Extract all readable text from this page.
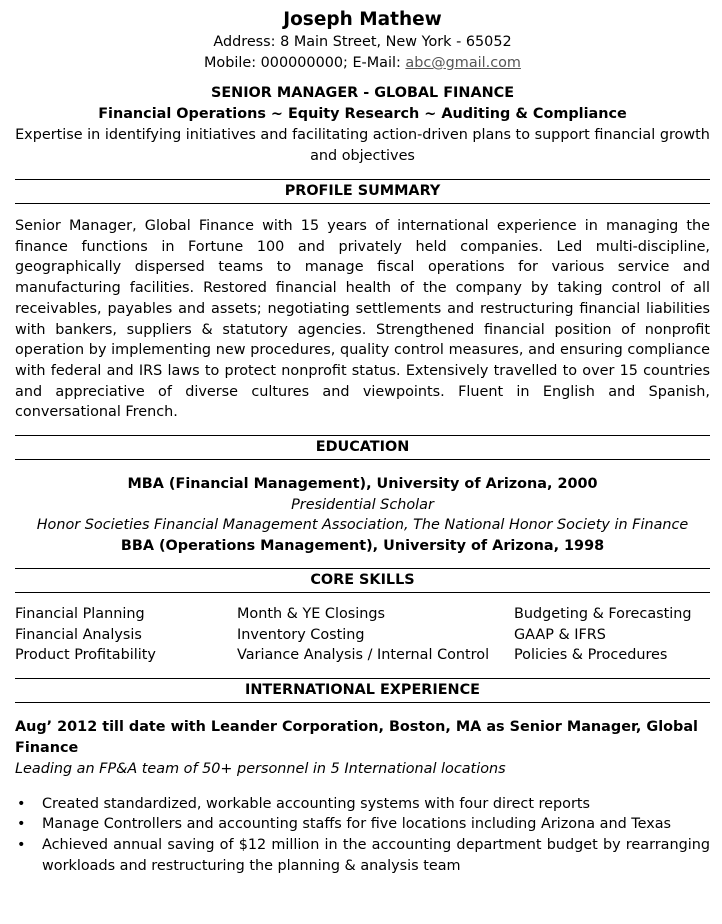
Joseph Mathew
Address: 8 Main Street, New York - 65052
Mobile: 000000000; E-Mail: abc@gmail.com
SENIOR MANAGER - GLOBAL FINANCE
Financial Operations ~ Equity Research ~ Auditing & Compliance
Expertise in identifying initiatives and facilitating action-driven plans to support financial growth and objectives
PROFILE SUMMARY
Senior Manager, Global Finance with 15 years of international experience in managing the finance functions in Fortune 100 and privately held companies. Led multi-discipline, geographically dispersed teams to manage fiscal operations for various service and manufacturing facilities. Restored financial health of the company by taking control of all receivables, payables and assets; negotiating settlements and restructuring financial liabilities with bankers, suppliers & statutory agencies. Strengthened financial position of nonprofit operation by implementing new procedures, quality control measures, and ensuring compliance with federal and IRS laws to protect nonprofit status. Extensively travelled to over 15 countries and appreciative of diverse cultures and viewpoints. Fluent in English and Spanish, conversational French.
EDUCATION
MBA (Financial Management), University of Arizona, 2000
Presidential Scholar
Honor Societies Financial Management Association, The National Honor Society in Finance
BBA (Operations Management), University of Arizona, 1998
CORE SKILLS
Financial Planning	Month & YE Closings	Budgeting & Forecasting
Financial Analysis	Inventory Costing	GAAP & IFRS
Product Profitability	Variance Analysis / Internal Control	Policies & Procedures
INTERNATIONAL EXPERIENCE
Aug’ 2012 till date with Leander Corporation, Boston, MA as Senior Manager, Global Finance
Leading an FP&A team of 50+ personnel in 5 International locations
• Created standardized, workable accounting systems with four direct reports
• Manage Controllers and accounting staffs for five locations including Arizona and Texas
• Achieved annual saving of $12 million in the accounting department budget by rearranging workloads and restructuring the planning & analysis team
